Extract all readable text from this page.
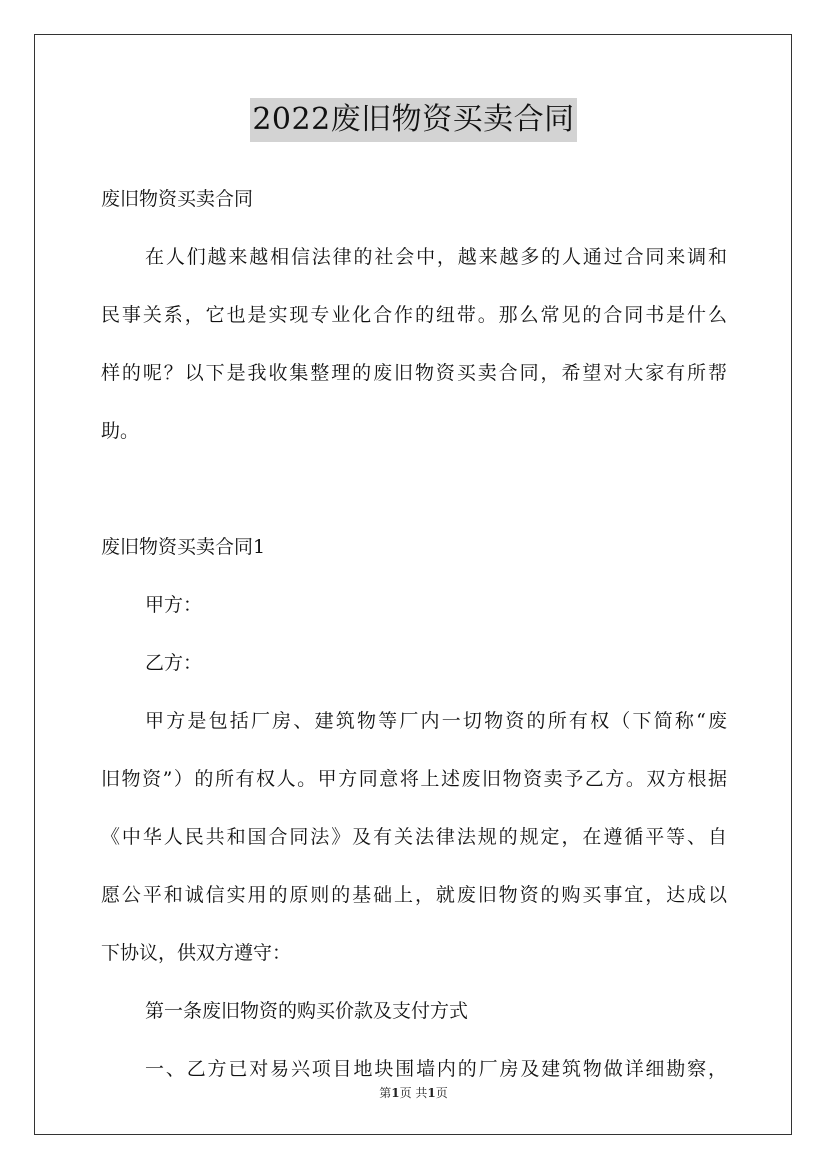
2022废旧物资买卖合同
废旧物资买卖合同
在人们越来越相信法律的社会中，越来越多的人通过合同来调和
民事关系，它也是实现专业化合作的纽带。那么常见的合同书是什么
样的呢？以下是我收集整理的废旧物资买卖合同，希望对大家有所帮
助。
废旧物资买卖合同1
甲方：
乙方：
甲方是包括厂房、建筑物等厂内一切物资的所有权（下简称“废
旧物资”）的所有权人。甲方同意将上述废旧物资卖予乙方。双方根据
《中华人民共和国合同法》及有关法律法规的规定，在遵循平等、自
愿公平和诚信实用的原则的基础上，就废旧物资的购买事宜，达成以
下协议，供双方遵守：
第一条废旧物资的购买价款及支付方式
一、乙方已对易兴项目地块围墙内的厂房及建筑物做详细勘察，
第1页 共1页
